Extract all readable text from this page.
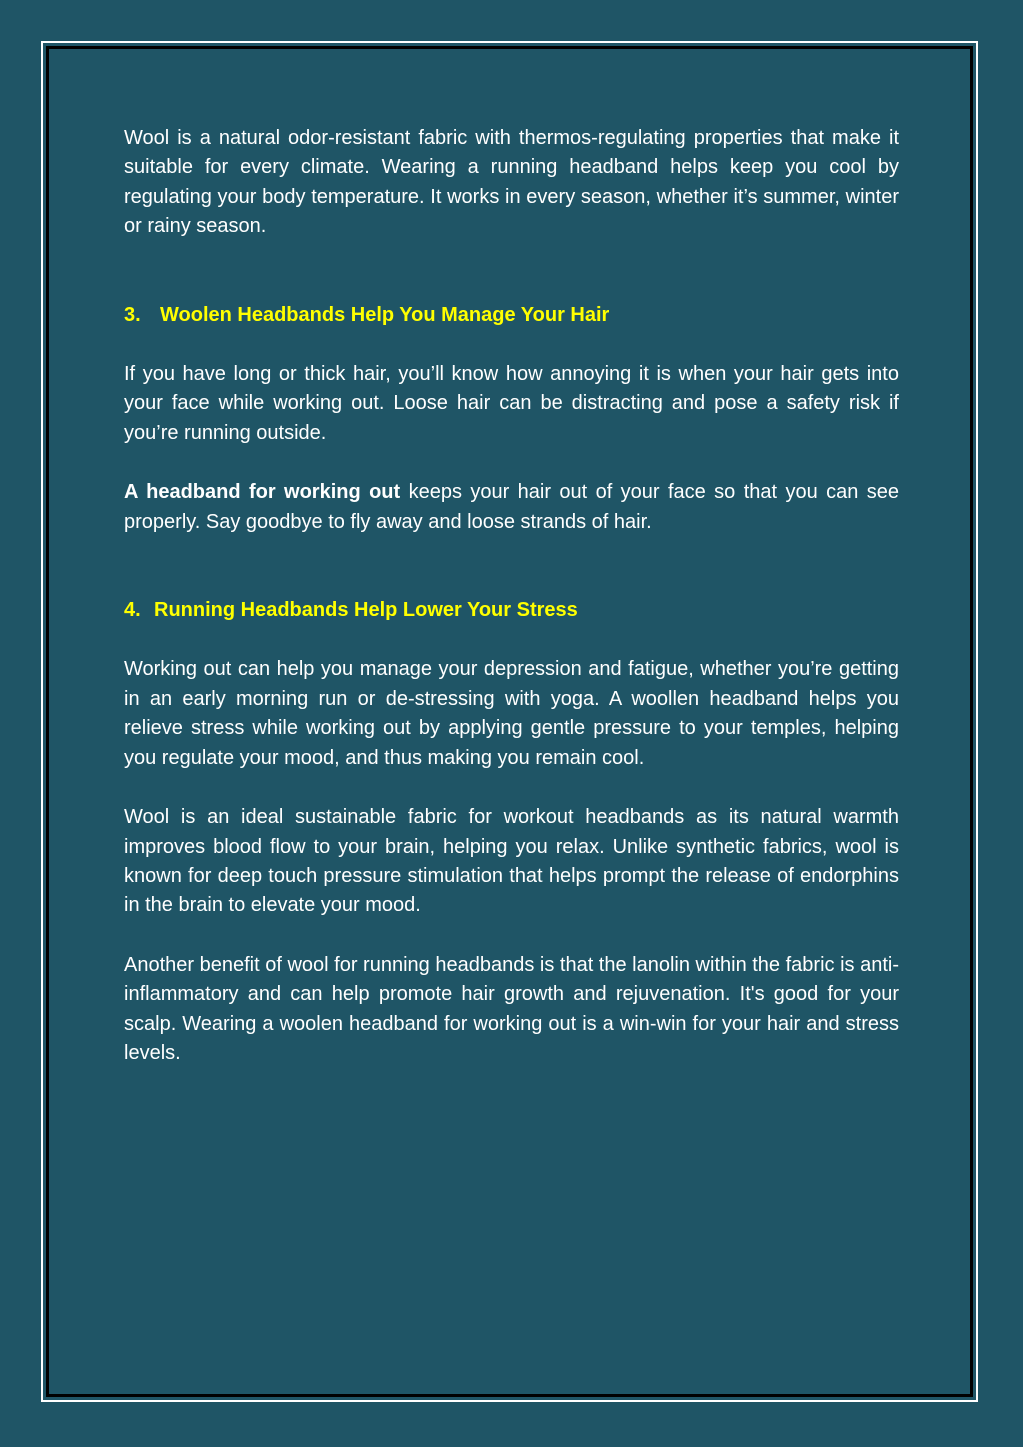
Wool is a natural odor-resistant fabric with thermos-regulating properties that make it suitable for every climate. Wearing a running headband helps keep you cool by regulating your body temperature. It works in every season, whether it’s summer, winter or rainy season.

3. Woolen Headbands Help You Manage Your Hair

If you have long or thick hair, you’ll know how annoying it is when your hair gets into your face while working out. Loose hair can be distracting and pose a safety risk if you’re running outside.

A headband for working out keeps your hair out of your face so that you can see properly. Say goodbye to fly away and loose strands of hair.

4. Running Headbands Help Lower Your Stress

Working out can help you manage your depression and fatigue, whether you’re getting in an early morning run or de-stressing with yoga. A woollen headband helps you relieve stress while working out by applying gentle pressure to your temples, helping you regulate your mood, and thus making you remain cool.

Wool is an ideal sustainable fabric for workout headbands as its natural warmth improves blood flow to your brain, helping you relax. Unlike synthetic fabrics, wool is known for deep touch pressure stimulation that helps prompt the release of endorphins in the brain to elevate your mood.

Another benefit of wool for running headbands is that the lanolin within the fabric is anti- inflammatory and can help promote hair growth and rejuvenation. It's good for your scalp. Wearing a woolen headband for working out is a win-win for your hair and stress levels.
